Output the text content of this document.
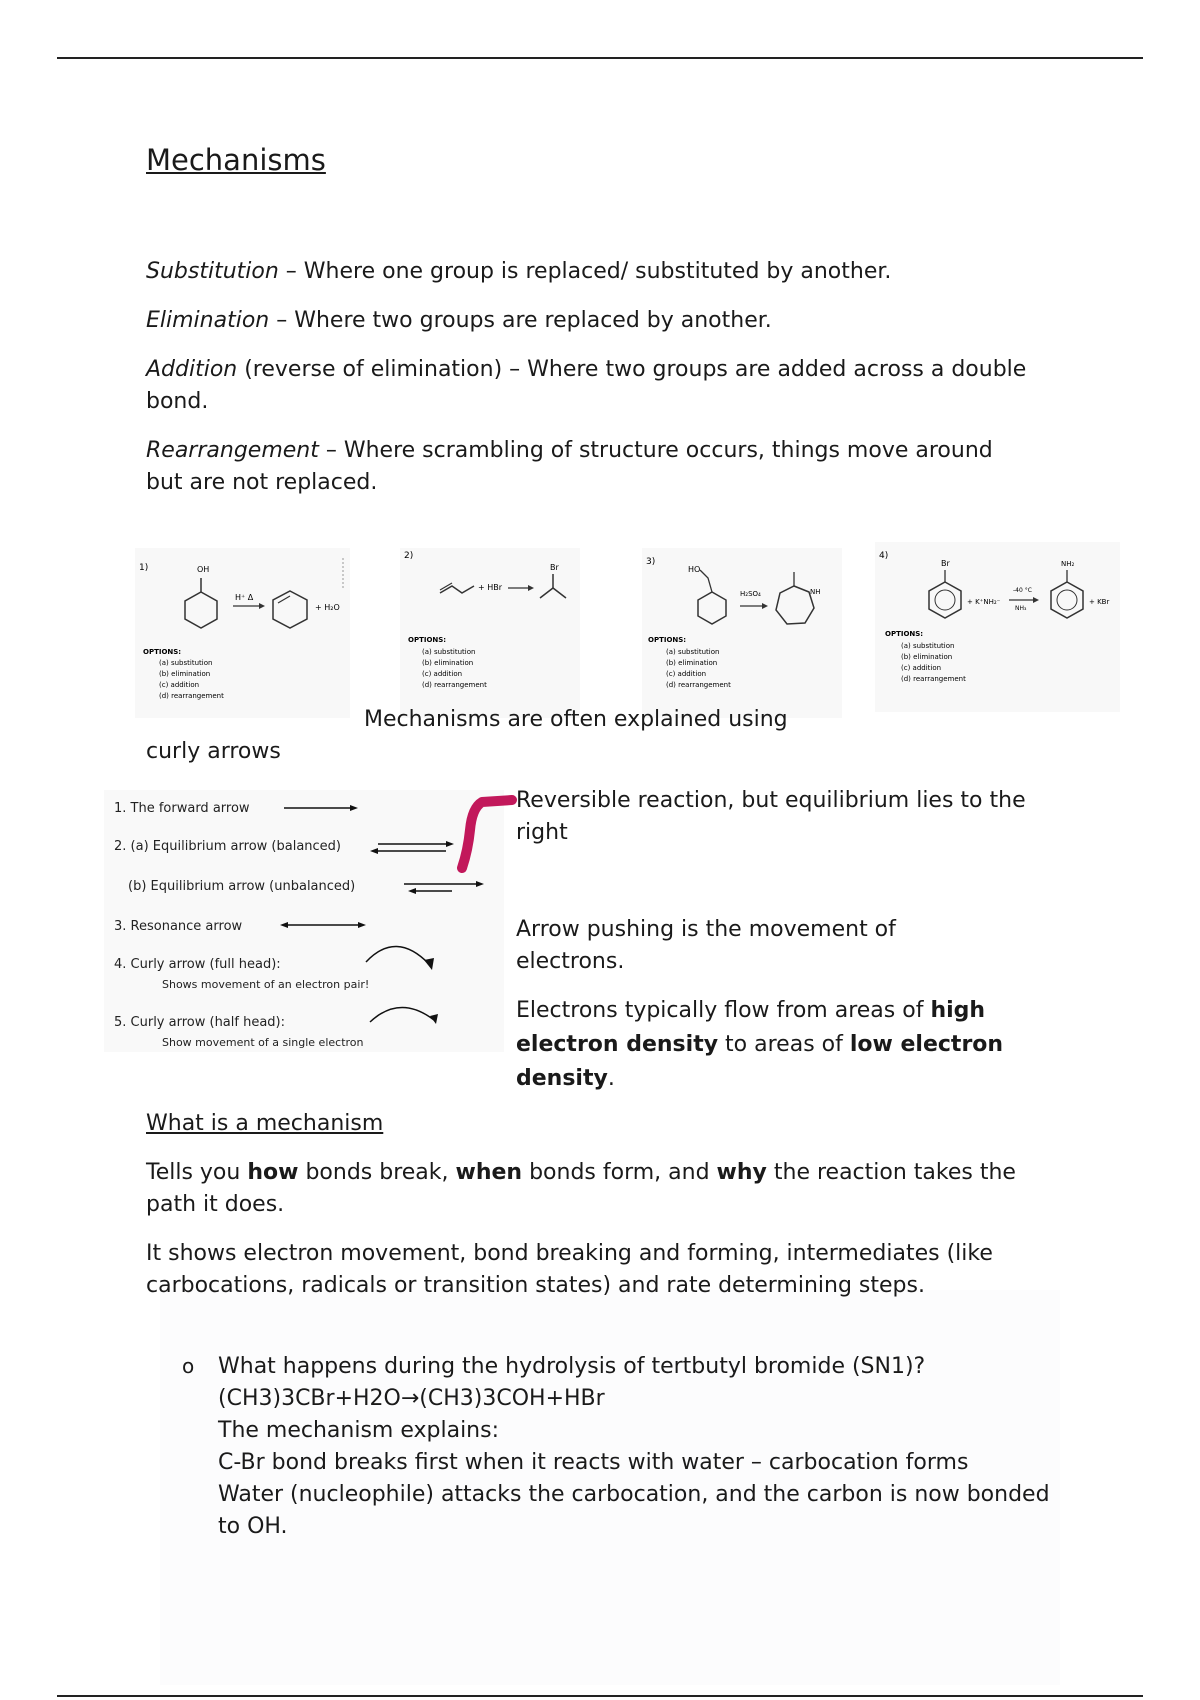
Mechanisms
Substitution – Where one group is replaced/ substituted by another.
Elimination – Where two groups are replaced by another.
Addition (reverse of elimination) – Where two groups are added across a double bond.
Rearrangement – Where scrambling of structure occurs, things move around but are not replaced.
1)	OH
H⁺ Δ
+ H₂O
OPTIONS:
(a) substitution
(b) elimination
(c) addition
(d) rearrangement
2)
+ HBr
Br
OPTIONS:
(a) substitution
(b) elimination
(c) addition
(d) rearrangement
3)
HO
H₂SO₄	NH
OPTIONS:
(a) substitution
(b) elimination
(c) addition
(d) rearrangement
4)
Br
+ K⁺NH₂⁻
-40 °C
NH₃
NH₂
+ KBr
OPTIONS:
(a) substitution
(b) elimination
(c) addition
(d) rearrangement
Mechanisms are often explained using
curly arrows
1. The forward arrow
2. (a) Equilibrium arrow (balanced)
(b) Equilibrium arrow (unbalanced)
3. Resonance arrow
4. Curly arrow (full head):
5. Curly arrow (half head):
Shows movement of an electron pair!
Show movement of a single electron
Reversible reaction, but equilibrium lies to the right
Arrow pushing is the movement of electrons.
Electrons typically flow from areas of high electron density to areas of low electron density.
What is a mechanism
Tells you how bonds break, when bonds form, and why the reaction takes the path it does.
It shows electron movement, bond breaking and forming, intermediates (like carbocations, radicals or transition states) and rate determining steps.
o What happens during the hydrolysis of tertbutyl bromide (SN1)?
(CH3)3CBr+H2O→(CH3)3COH+HBr
The mechanism explains:
C-Br bond breaks first when it reacts with water – carbocation forms
Water (nucleophile) attacks the carbocation, and the carbon is now bonded to OH.
